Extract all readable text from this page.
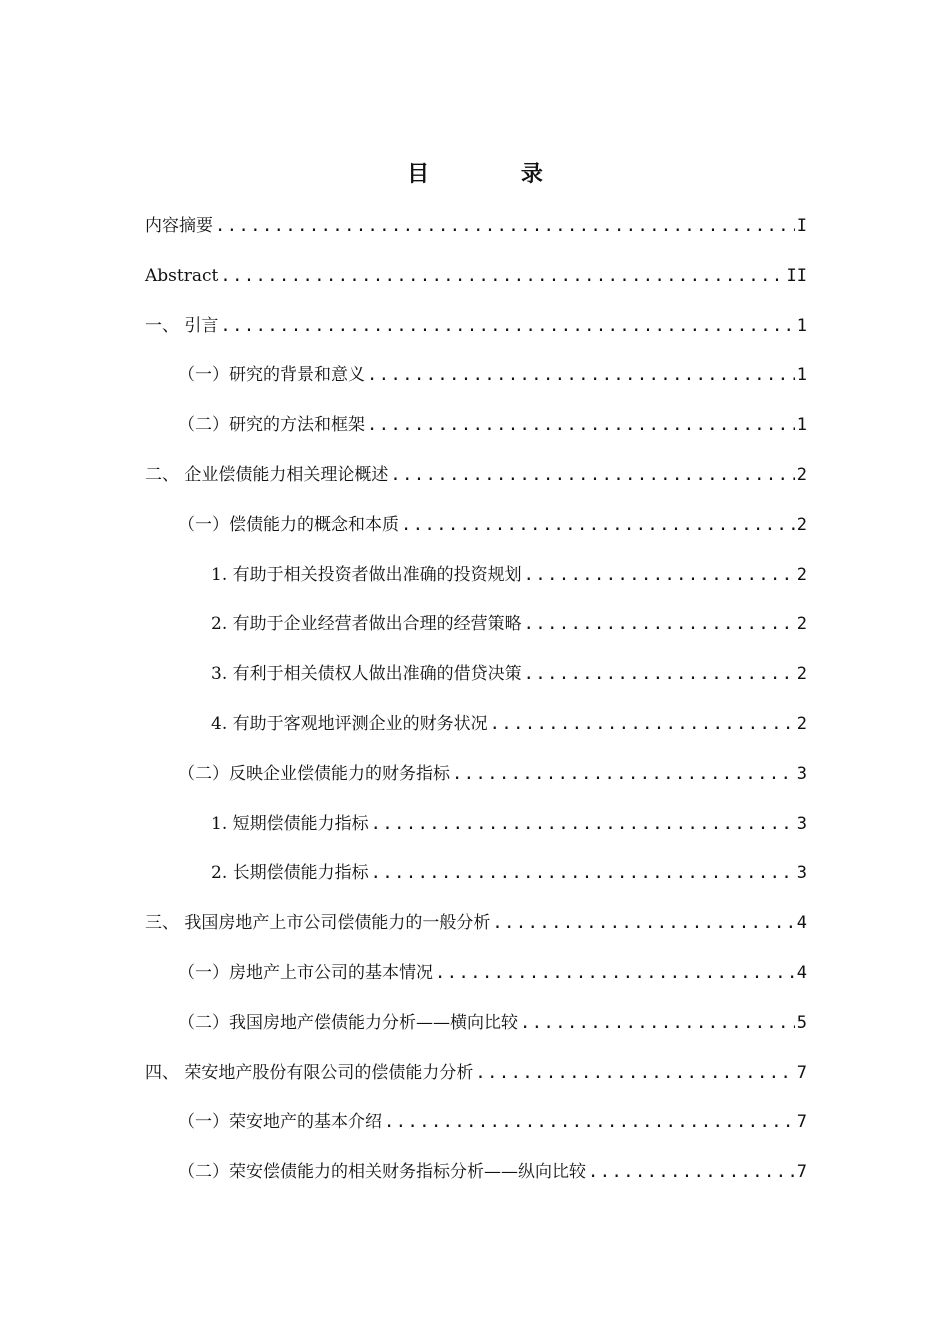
目 录
内容摘要 .....	I
Abstract .....	II
一、 引言 .....	1
（一）研究的背景和意义 .....	1
（二）研究的方法和框架 .....	1
二、 企业偿债能力相关理论概述 .....	2
（一）偿债能力的概念和本质 .....	2
1. 有助于相关投资者做出准确的投资规划 .....	2
2. 有助于企业经营者做出合理的经营策略 .....	2
3. 有利于相关债权人做出准确的借贷决策 .....	2
4. 有助于客观地评测企业的财务状况 .....	2
（二）反映企业偿债能力的财务指标 .....	3
1. 短期偿债能力指标 .....	3
2. 长期偿债能力指标 .....	3
三、 我国房地产上市公司偿债能力的一般分析 .....	4
（一）房地产上市公司的基本情况 .....	4
（二）我国房地产偿债能力分析——横向比较 .....	5
四、 荣安地产股份有限公司的偿债能力分析 .....	7
（一）荣安地产的基本介绍 .....	7
（二）荣安偿债能力的相关财务指标分析——纵向比较 .....	7
